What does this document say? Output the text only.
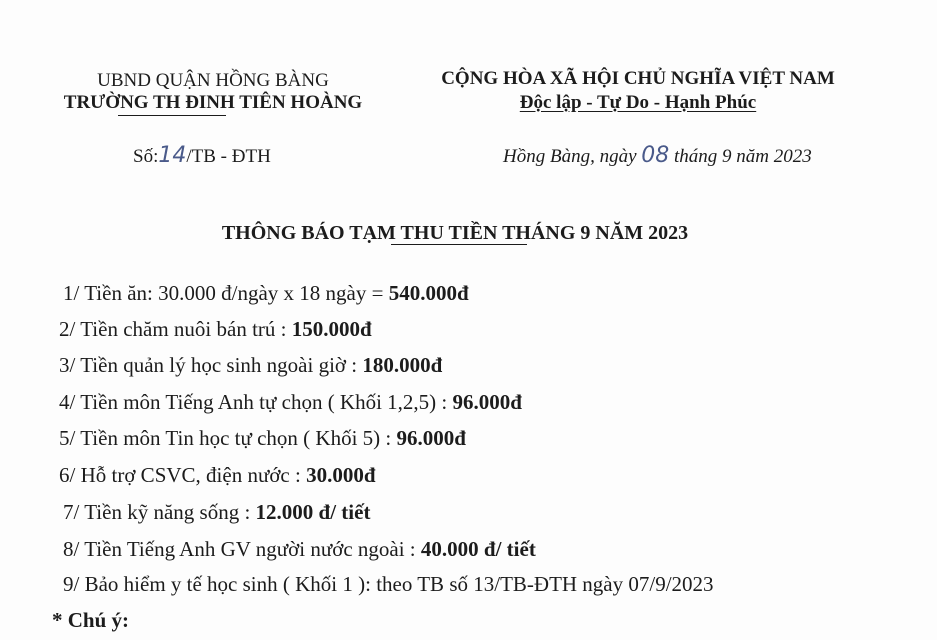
UBND QUẬN HỒNG BÀNG
TRƯỜNG TH ĐINH TIÊN HOÀNG
CỘNG HÒA XÃ HỘI CHỦ NGHĨA VIỆT NAM
Độc lập - Tự Do - Hạnh Phúc
Số:14/TB - ĐTH	Hồng Bàng, ngày 08 tháng 9 năm 2023
THÔNG BÁO TẠM THU TIỀN THÁNG 9 NĂM 2023
1/ Tiền ăn: 30.000 đ/ngày x 18 ngày = 540.000đ
2/ Tiền chăm nuôi bán trú : 150.000đ
3/ Tiền quản lý học sinh ngoài giờ : 180.000đ
4/ Tiền môn Tiếng Anh tự chọn ( Khối 1,2,5) : 96.000đ
5/ Tiền môn Tin học tự chọn ( Khối 5) : 96.000đ
6/ Hỗ trợ CSVC, điện nước : 30.000đ
7/ Tiền kỹ năng sống : 12.000 đ/ tiết
8/ Tiền Tiếng Anh GV người nước ngoài : 40.000 đ/ tiết
9/ Bảo hiểm y tế học sinh ( Khối 1 ): theo TB số 13/TB-ĐTH ngày 07/9/2023
* Chú ý:
